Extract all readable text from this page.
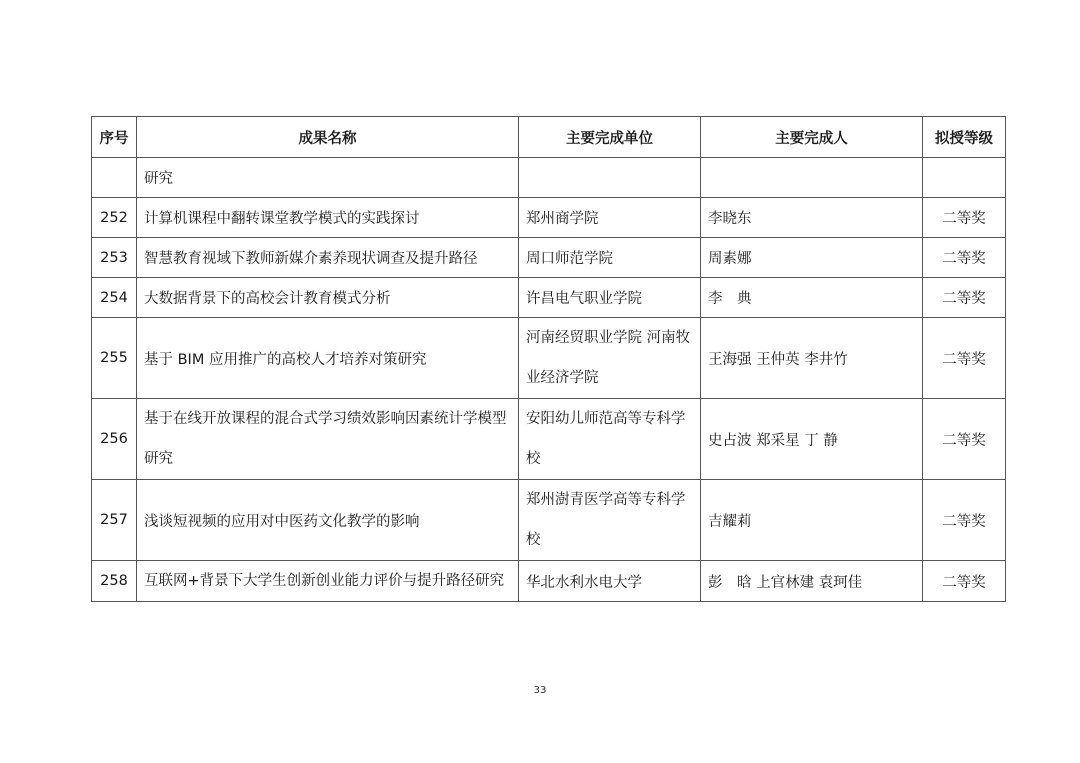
序号	成果名称	主要完成单位	主要完成人	拟授等级
	研究			
252	计算机课程中翻转课堂教学模式的实践探讨	郑州商学院	李晓东	二等奖
253	智慧教育视域下教师新媒介素养现状调查及提升路径	周口师范学院	周素娜	二等奖
254	大数据背景下的高校会计教育模式分析	许昌电气职业学院	李　典	二等奖
255	基于 BIM 应用推广的高校人才培养对策研究	河南经贸职业学院 河南牧业经济学院	王海强 王仲英 李井竹	二等奖
256	基于在线开放课程的混合式学习绩效影响因素统计学模型研究	安阳幼儿师范高等专科学校	史占波 郑采星 丁 静	二等奖
257	浅谈短视频的应用对中医药文化教学的影响	郑州澍青医学高等专科学校	吉耀莉	二等奖
258	互联网+背景下大学生创新创业能力评价与提升路径研究	华北水利水电大学	彭　晗 上官林建 袁珂佳	二等奖
33
